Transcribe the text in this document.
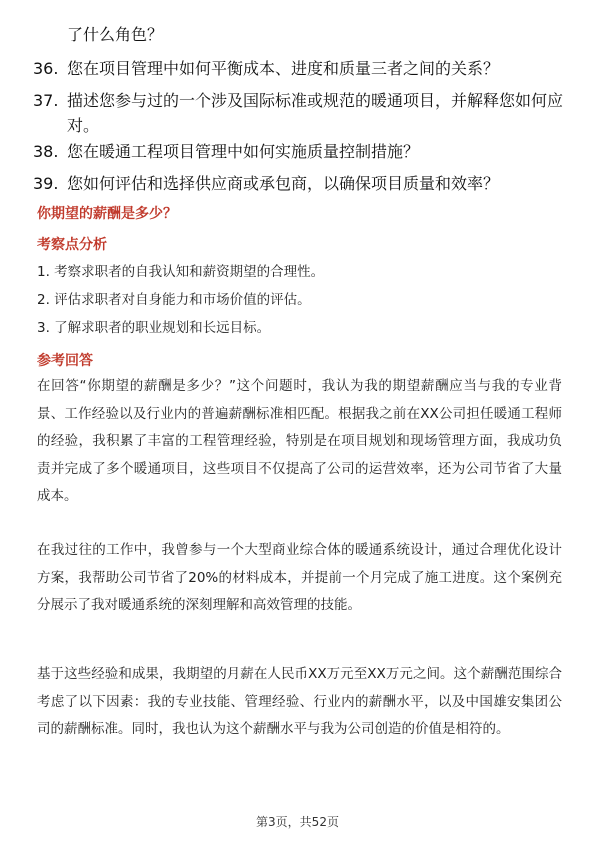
了什么角色？
36. 您在项目管理中如何平衡成本、进度和质量三者之间的关系？
37. 描述您参与过的一个涉及国际标准或规范的暖通项目，并解释您如何应对。
38. 您在暖通工程项目管理中如何实施质量控制措施？
39. 您如何评估和选择供应商或承包商，以确保项目质量和效率？
你期望的薪酬是多少？
考察点分析
1. 考察求职者的自我认知和薪资期望的合理性。
2. 评估求职者对自身能力和市场价值的评估。
3. 了解求职者的职业规划和长远目标。
参考回答

在回答“你期望的薪酬是多少？”这个问题时，我认为我的期望薪酬应当与我的专业背景、工作经验以及行业内的普遍薪酬标准相匹配。根据我之前在XX公司担任暖通工程师的经验，我积累了丰富的工程管理经验，特别是在项目规划和现场管理方面，我成功负责并完成了多个暖通项目，这些项目不仅提高了公司的运营效率，还为公司节省了大量成本。

在我过往的工作中，我曾参与一个大型商业综合体的暖通系统设计，通过合理优化设计方案，我帮助公司节省了20%的材料成本，并提前一个月完成了施工进度。这个案例充分展示了我对暖通系统的深刻理解和高效管理的技能。

基于这些经验和成果，我期望的月薪在人民币XX万元至XX万元之间。这个薪酬范围综合考虑了以下因素：我的专业技能、管理经验、行业内的薪酬水平，以及中国雄安集团公司的薪酬标准。同时，我也认为这个薪酬水平与我为公司创造的价值是相符的。

第3页，共52页
